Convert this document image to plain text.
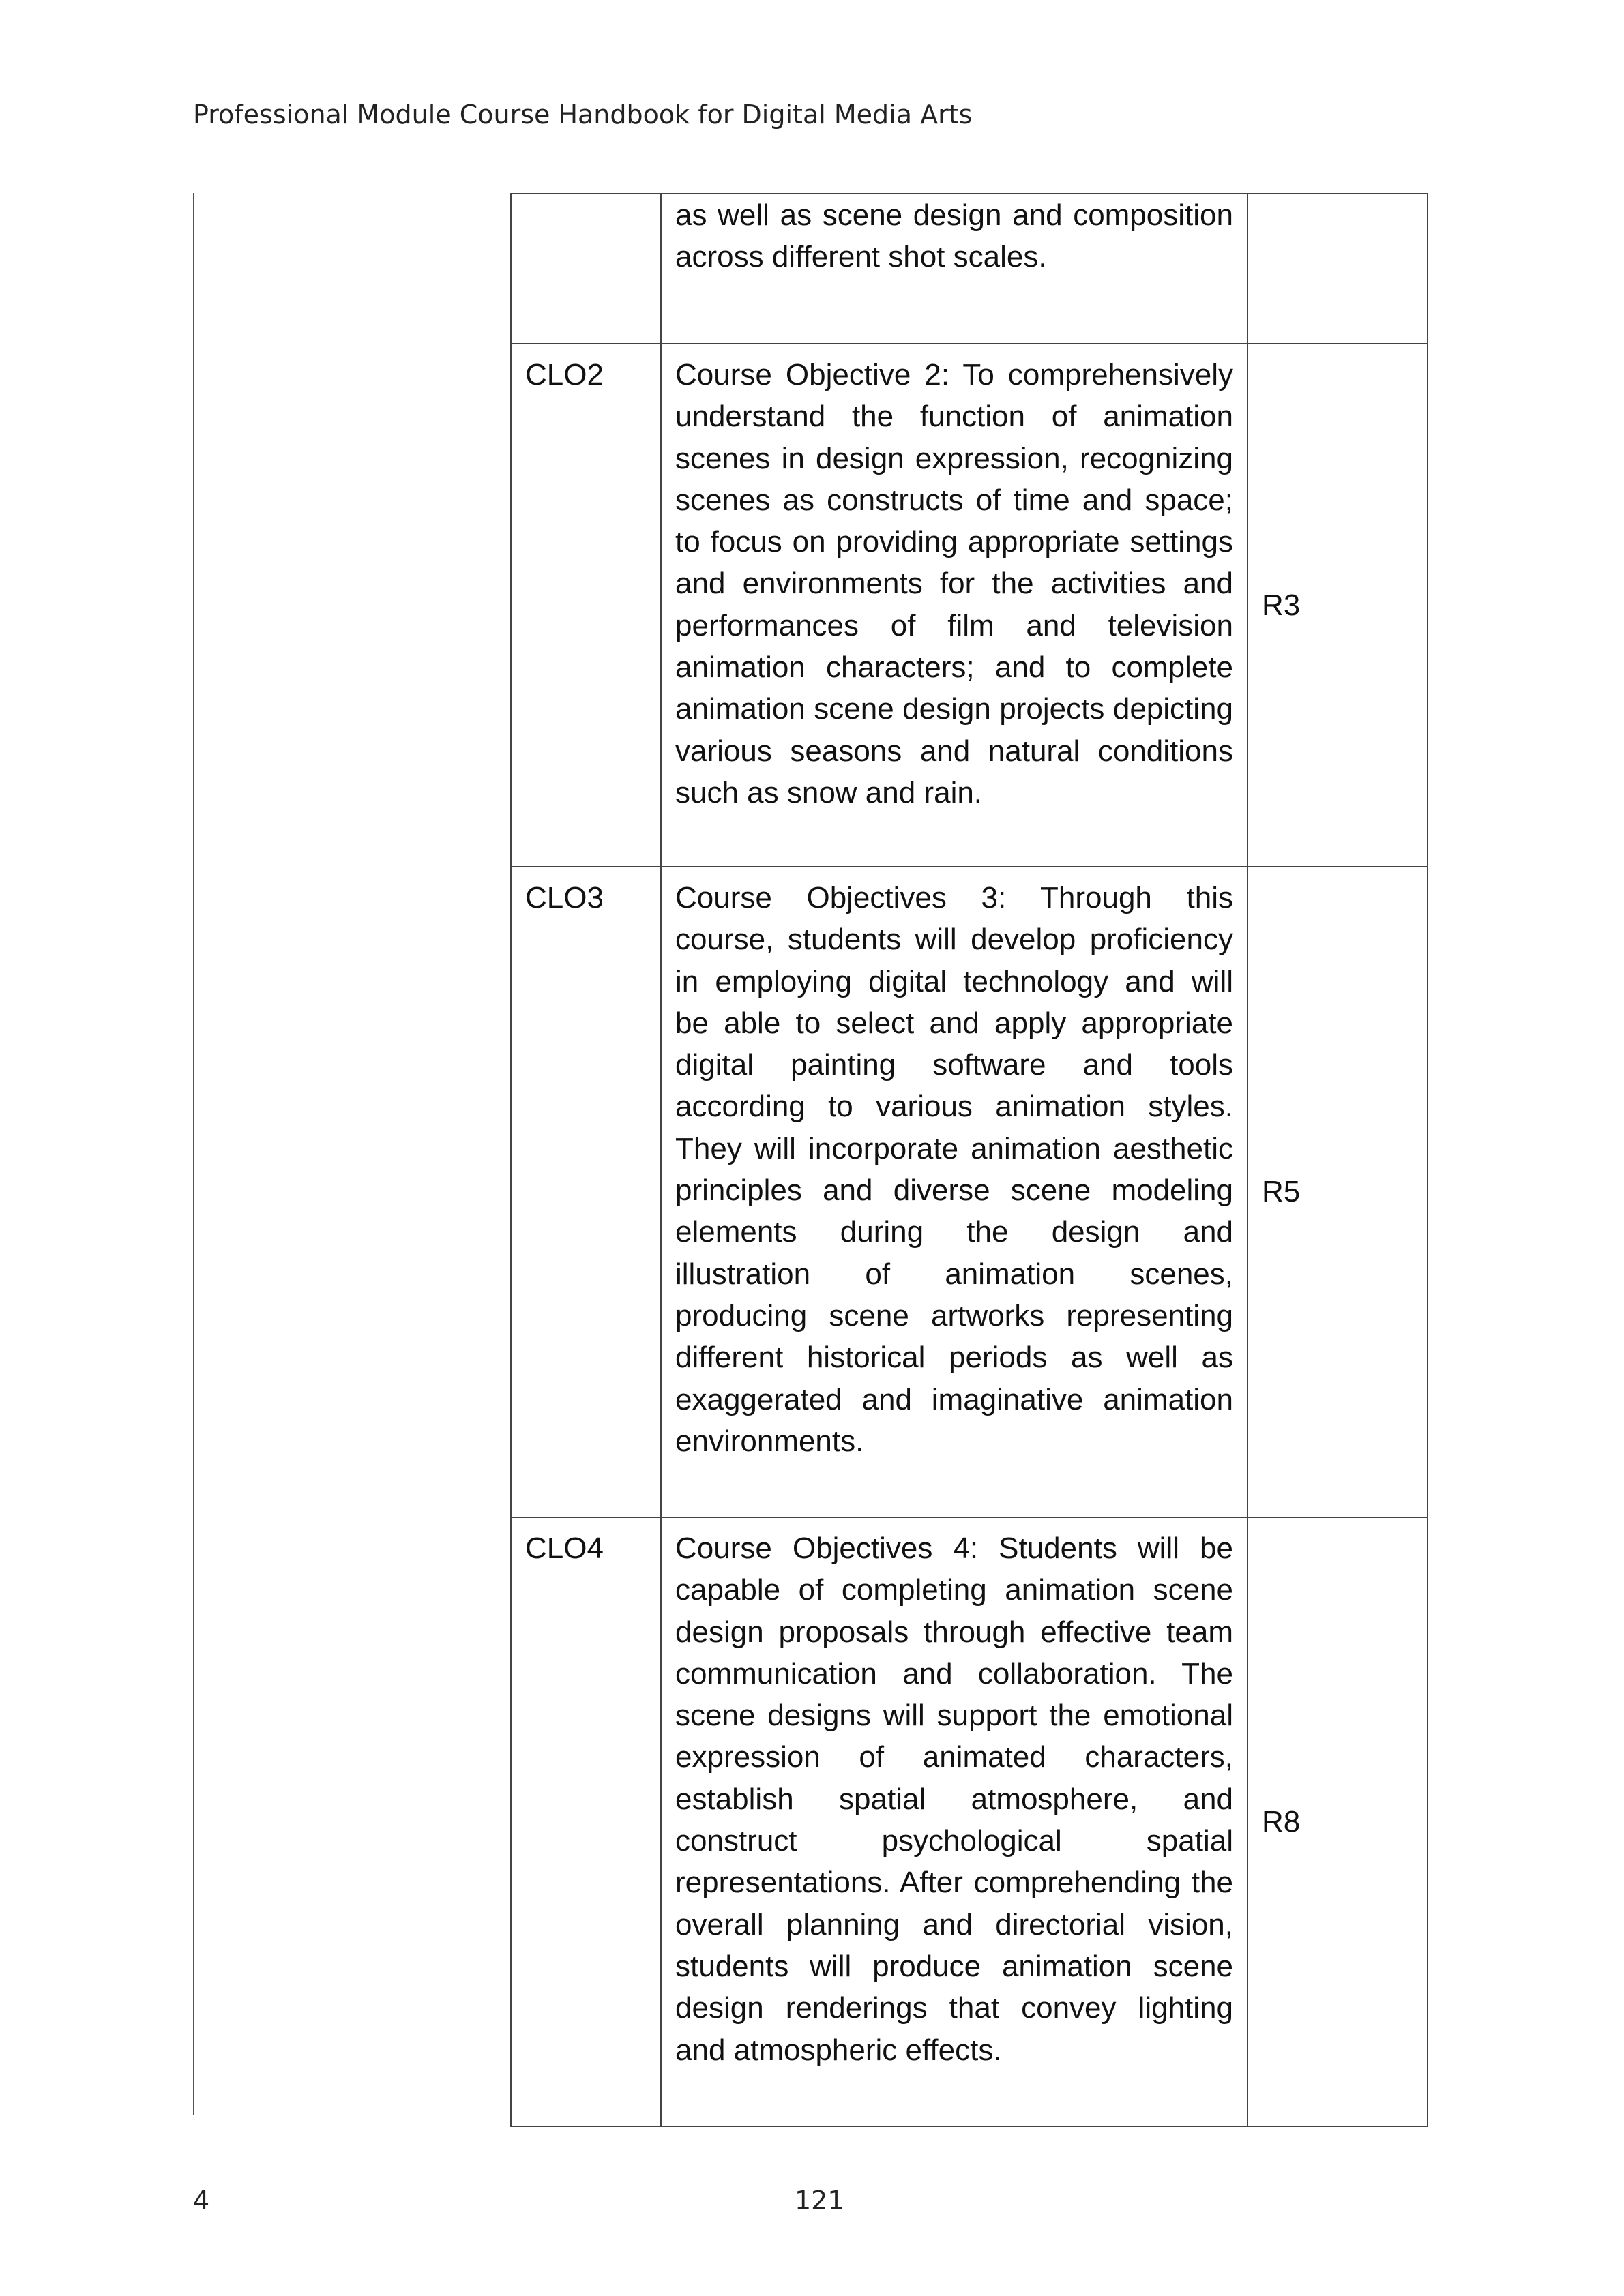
Professional Module Course Handbook for Digital Media Arts
	as well as scene design and composition across different shot scales.	
CLO2	Course Objective 2: To comprehensively understand the function of animation scenes in design expression, recognizing scenes as constructs of time and space; to focus on providing appropriate settings and environments for the activities and performances of film and television animation characters; and to complete animation scene design projects depicting various seasons and natural conditions such as snow and rain.	R3
CLO3	Course Objectives 3: Through this course, students will develop proficiency in employing digital technology and will be able to select and apply appropriate digital painting software and tools according to various animation styles. They will incorporate animation aesthetic principles and diverse scene modeling elements during the design and illustration of animation scenes, producing scene artworks representing different historical periods as well as exaggerated and imaginative animation environments.	R5
CLO4	Course Objectives 4: Students will be capable of completing animation scene design proposals through effective team communication and collaboration. The scene designs will support the emotional expression of animated characters, establish spatial atmosphere, and construct psychological spatial representations. After comprehending the overall planning and directorial vision, students will produce animation scene design renderings that convey lighting and atmospheric effects.	R8
4	121
